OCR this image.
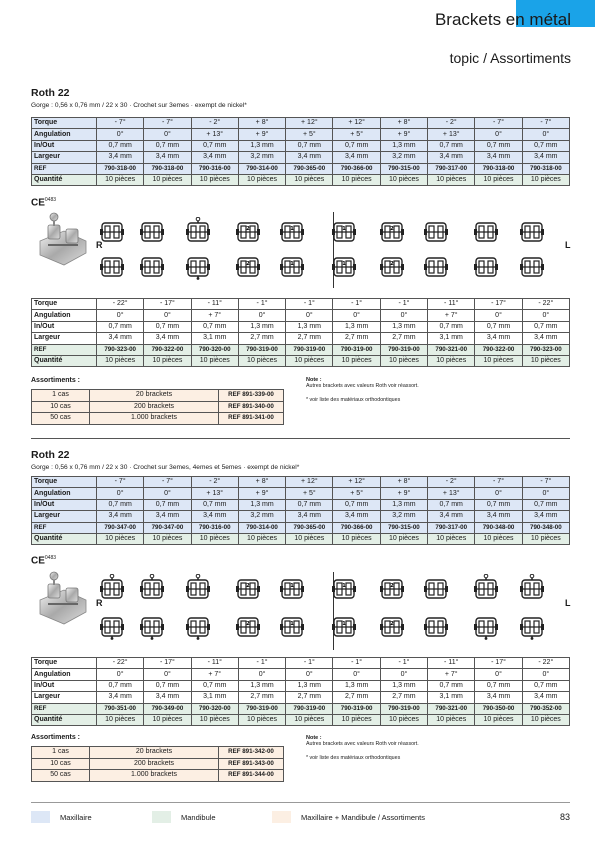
Brackets en métal
topic / Assortiments
Roth 22
Gorge : 0,56 x 0,76 mm / 22 x 30 · Crochet sur 3emes · exempt de nickel*
Torque	- 7°	- 7°	- 2°	+ 8°	+ 12°	+ 12°	+ 8°	- 2°	- 7°	- 7°
Angulation	0°	0°	+ 13°	+ 9°	+ 5°	+ 5°	+ 9°	+ 13°	0°	0°
In/Out	0,7 mm	0,7 mm	0,7 mm	1,3 mm	0,7 mm	0,7 mm	1,3 mm	0,7 mm	0,7 mm	0,7 mm
Largeur	3,4 mm	3,4 mm	3,4 mm	3,2 mm	3,4 mm	3,4 mm	3,2 mm	3,4 mm	3,4 mm	3,4 mm
REF	790-318-00	790-318-00	790-316-00	790-314-00	790-365-00	790-366-00	790-315-00	790-317-00	790-318-00	790-318-00
Quantité	10 pièces	10 pièces	10 pièces	10 pièces	10 pièces	10 pièces	10 pièces	10 pièces	10 pièces	10 pièces
$CE^{0483}$
R	L
Torque	- 22°	- 17°	- 11°	- 1°	- 1°	- 1°	- 1°	- 11°	- 17°	- 22°
Angulation	0°	0°	+ 7°	0°	0°	0°	0°	+ 7°	0°	0°
In/Out	0,7 mm	0,7 mm	0,7 mm	1,3 mm	1,3 mm	1,3 mm	1,3 mm	0,7 mm	0,7 mm	0,7 mm
Largeur	3,4 mm	3,4 mm	3,1 mm	2,7 mm	2,7 mm	2,7 mm	2,7 mm	3,1 mm	3,4 mm	3,4 mm
REF	790-323-00	790-322-00	790-320-00	790-319-00	790-319-00	790-319-00	790-319-00	790-321-00	790-322-00	790-323-00
Quantité	10 pièces	10 pièces	10 pièces	10 pièces	10 pièces	10 pièces	10 pièces	10 pièces	10 pièces	10 pièces
Assortiments :
1 cas	20 brackets	REF 891-339-00
10 cas	200 brackets	REF 891-340-00
50 cas	1.000 brackets	REF 891-341-00
Note :
Autres brackets avec valeurs Roth voir réassort.
* voir liste des matériaux orthodontiques
Roth 22
Gorge : 0,56 x 0,76 mm / 22 x 30 · Crochet sur 3emes, 4emes et 5emes · exempt de nickel*
Torque	- 7°	- 7°	- 2°	+ 8°	+ 12°	+ 12°	+ 8°	- 2°	- 7°	- 7°
Angulation	0°	0°	+ 13°	+ 9°	+ 5°	+ 5°	+ 9°	+ 13°	0°	0°
In/Out	0,7 mm	0,7 mm	0,7 mm	1,3 mm	0,7 mm	0,7 mm	1,3 mm	0,7 mm	0,7 mm	0,7 mm
Largeur	3,4 mm	3,4 mm	3,4 mm	3,2 mm	3,4 mm	3,4 mm	3,2 mm	3,4 mm	3,4 mm	3,4 mm
REF	790-347-00	790-347-00	790-316-00	790-314-00	790-365-00	790-366-00	790-315-00	790-317-00	790-348-00	790-348-00
Quantité	10 pièces	10 pièces	10 pièces	10 pièces	10 pièces	10 pièces	10 pièces	10 pièces	10 pièces	10 pièces
$CE^{0483}$
R	L
Torque	- 22°	- 17°	- 11°	- 1°	- 1°	- 1°	- 1°	- 11°	- 17°	- 22°
Angulation	0°	0°	+ 7°	0°	0°	0°	0°	+ 7°	0°	0°
In/Out	0,7 mm	0,7 mm	0,7 mm	1,3 mm	1,3 mm	1,3 mm	1,3 mm	0,7 mm	0,7 mm	0,7 mm
Largeur	3,4 mm	3,4 mm	3,1 mm	2,7 mm	2,7 mm	2,7 mm	2,7 mm	3,1 mm	3,4 mm	3,4 mm
REF	790-351-00	790-349-00	790-320-00	790-319-00	790-319-00	790-319-00	790-319-00	790-321-00	790-350-00	790-352-00
Quantité	10 pièces	10 pièces	10 pièces	10 pièces	10 pièces	10 pièces	10 pièces	10 pièces	10 pièces	10 pièces
Assortiments :
1 cas	20 brackets	REF 891-342-00
10 cas	200 brackets	REF 891-343-00
50 cas	1.000 brackets	REF 891-344-00
Note :
Autres brackets avec valeurs Roth voir réassort.
* voir liste des matériaux orthodontiques
Maxillaire	Mandibule	Maxillaire + Mandibule / Assortiments	83
2	1	1	2
2	1	1	2
2	1	1	2
2	1	1	2
